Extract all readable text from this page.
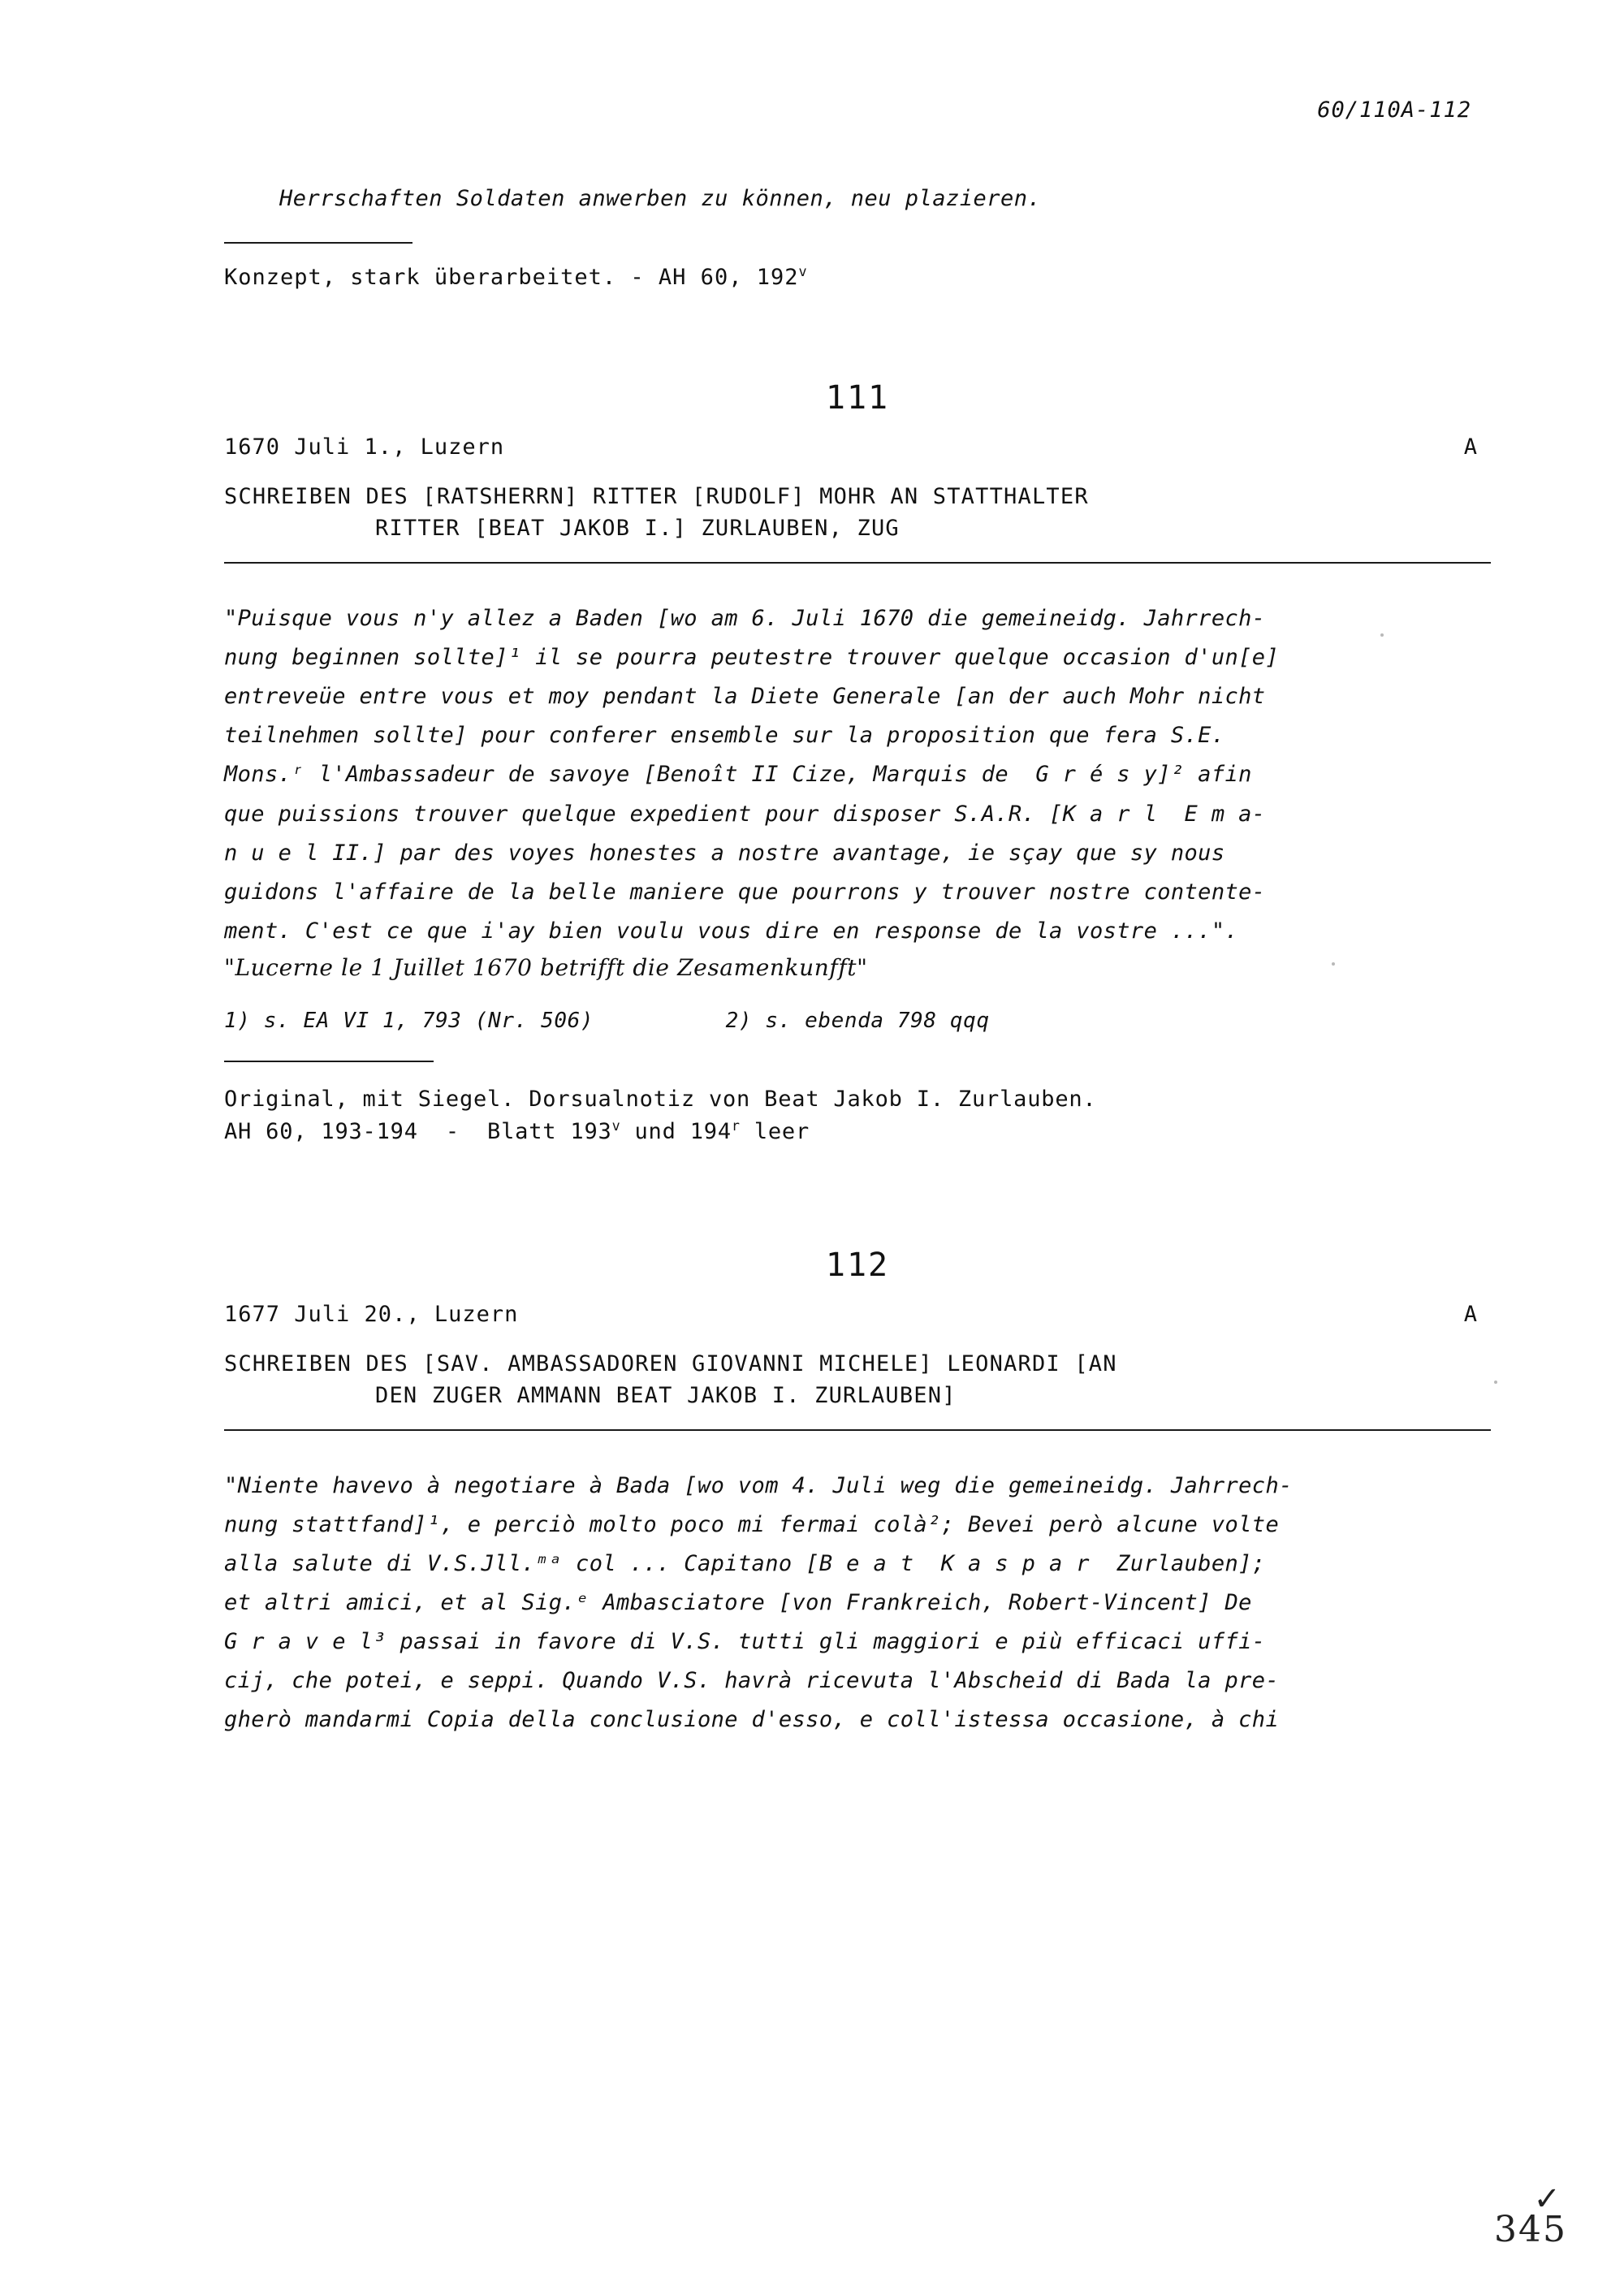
60/110A-112
Herrschaften Soldaten anwerben zu können, neu plazieren.
Konzept, stark überarbeitet. - AH 60, 192$^v$
111
1670 Juli 1., Luzern	A
SCHREIBEN DES [RATSHERRN] RITTER [RUDOLF] MOHR AN STATTHALTER
RITTER [BEAT JAKOB I.] ZURLAUBEN, ZUG
"Puisque vous n'y allez a Baden [wo am 6. Juli 1670 die gemeineidg. Jahrrech-
nung beginnen sollte]¹ il se pourra peutestre trouver quelque occasion d'un[e]
entreveüe entre vous et moy pendant la Diete Generale [an der auch Mohr nicht
teilnehmen sollte] pour conferer ensemble sur la proposition que fera S.E.
Mons.ʳ l'Ambassadeur de savoye [Benoît II Cize, Marquis de  G r é s y]² afin
que puissions trouver quelque expedient pour disposer S.A.R. [K a r l  E m a-
n u e l II.] par des voyes honestes a nostre avantage, ie sçay que sy nous
guidons l'affaire de la belle maniere que pourrons y trouver nostre contente-
ment. C'est ce que i'ay bien voulu vous dire en response de la vostre ...".
"Lucerne le 1 Juillet 1670 betrifft die Zesamenkunfft"
1) s. EA VI 1, 793 (Nr. 506)          2) s. ebenda 798 qqq
Original, mit Siegel. Dorsualnotiz von Beat Jakob I. Zurlauben.
AH 60, 193-194  -  Blatt 193$^v$ und 194$^r$ leer
112
1677 Juli 20., Luzern	A
SCHREIBEN DES [SAV. AMBASSADOREN GIOVANNI MICHELE] LEONARDI [AN
DEN ZUGER AMMANN BEAT JAKOB I. ZURLAUBEN]
"Niente havevo à negotiare à Bada [wo vom 4. Juli weg die gemeineidg. Jahrrech-
nung stattfand]¹, e perciò molto poco mi fermai colà²; Bevei però alcune volte
alla salute di V.S.Jll.ᵐᵃ col ... Capitano [B e a t  K a s p a r  Zurlauben];
et altri amici, et al Sig.ᵉ Ambasciatore [von Frankreich, Robert-Vincent] De
G r a v e l³ passai in favore di V.S. tutti gli maggiori e più efficaci uffi-
cij, che potei, e seppi. Quando V.S. havrà ricevuta l'Abscheid di Bada la pre-
gherò mandarmi Copia della conclusione d'esso, e coll'istessa occasione, à chi
✓
345
